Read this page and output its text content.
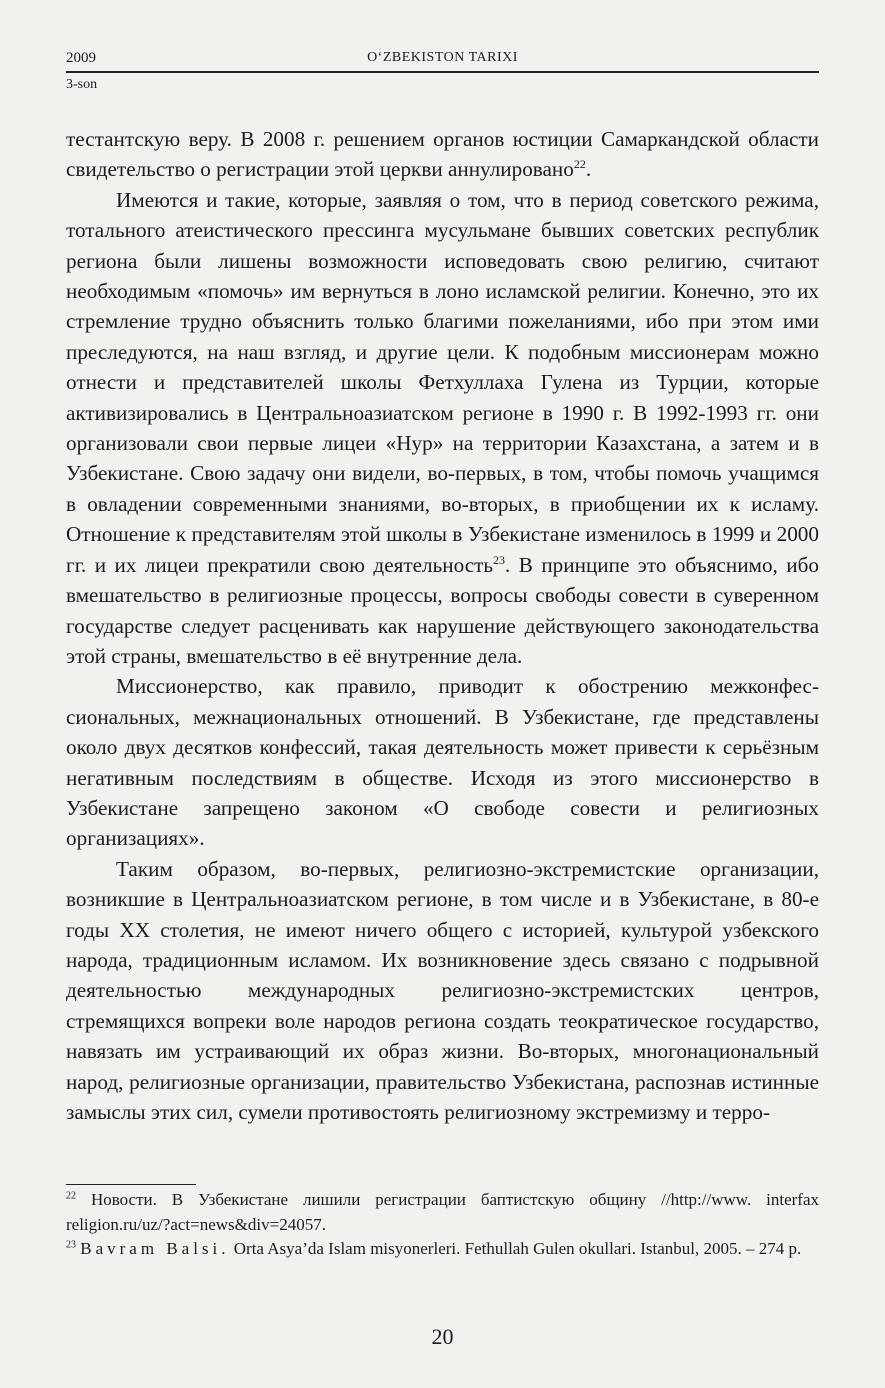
2009	O‘ZBEKISTON TARIXI
3-son

тестантскую веру. В 2008 г. решением органов юстиции Самаркандской области свидетельство о регистрации этой церкви аннулировано$^{22}$.

Имеются и такие, которые, заявляя о том, что в период советского режима, тотального атеистического прессинга мусульмане бывших советских республик региона были лишены возможности исповедовать свою религию, считают необходимым «помочь» им вернуться в лоно исламской религии. Конечно, это их стремление трудно объяснить только благими пожеланиями, ибо при этом ими преследуются, на наш взгляд, и другие цели. К подобным миссионерам можно отнести и представителей школы Фетхуллаха Гулена из Турции, которые активизировались в Центральноазиатском регионе в 1990 г. В 1992-1993 гг. они организовали свои первые лицеи «Нур» на территории Казахстана, а затем и в Узбекистане. Свою задачу они видели, во-первых, в том, чтобы помочь учащимся в овладении современными знаниями, во-вторых, в приобщении их к исламу. Отношение к представителям этой школы в Узбекистане изменилось в 1999 и 2000 гг. и их лицеи прекратили свою деятельность$^{23}$. В принципе это объяснимо, ибо вмешательство в религиозные процессы, вопросы свободы совести в суверенном государстве следует расценивать как нарушение действующего законодательства этой страны, вмешательство в её внутренние дела.

Миссионерство, как правило, приводит к обострению межконфессиональных, межнациональных отношений. В Узбекистане, где представлены около двух десятков конфессий, такая деятельность может привести к серьёзным негативным последствиям в обществе. Исходя из этого миссионерство в Узбекистане запрещено законом «О свободе совести и религиозных организациях».

Таким образом, во-первых, религиозно-экстремистские организации, возникшие в Центральноазиатском регионе, в том числе и в Узбекистане, в 80-е годы XX столетия, не имеют ничего общего с историей, культурой узбекского народа, традиционным исламом. Их возникновение здесь связано с подрывной деятельностью международных религиозно-экстремистских центров, стремящихся вопреки воле народов региона создать теократическое государство, навязать им устраивающий их образ жизни. Во-вторых, многонациональный народ, религиозные организации, правительство Узбекистана, распознав истинные замыслы этих сил, сумели противостоять религиозному экстремизму и терро-

$^{22}$ Новости. В Узбекистане лишили регистрации баптистскую общину //http://www. interfax religion.ru/uz/?act=news&div=24057.

$^{23}$ Bavram Balsi. Orta Asya’da Islam misyonerleri. Fethullah Gulen okullari. Istanbul, 2005. – 274 p.

20
